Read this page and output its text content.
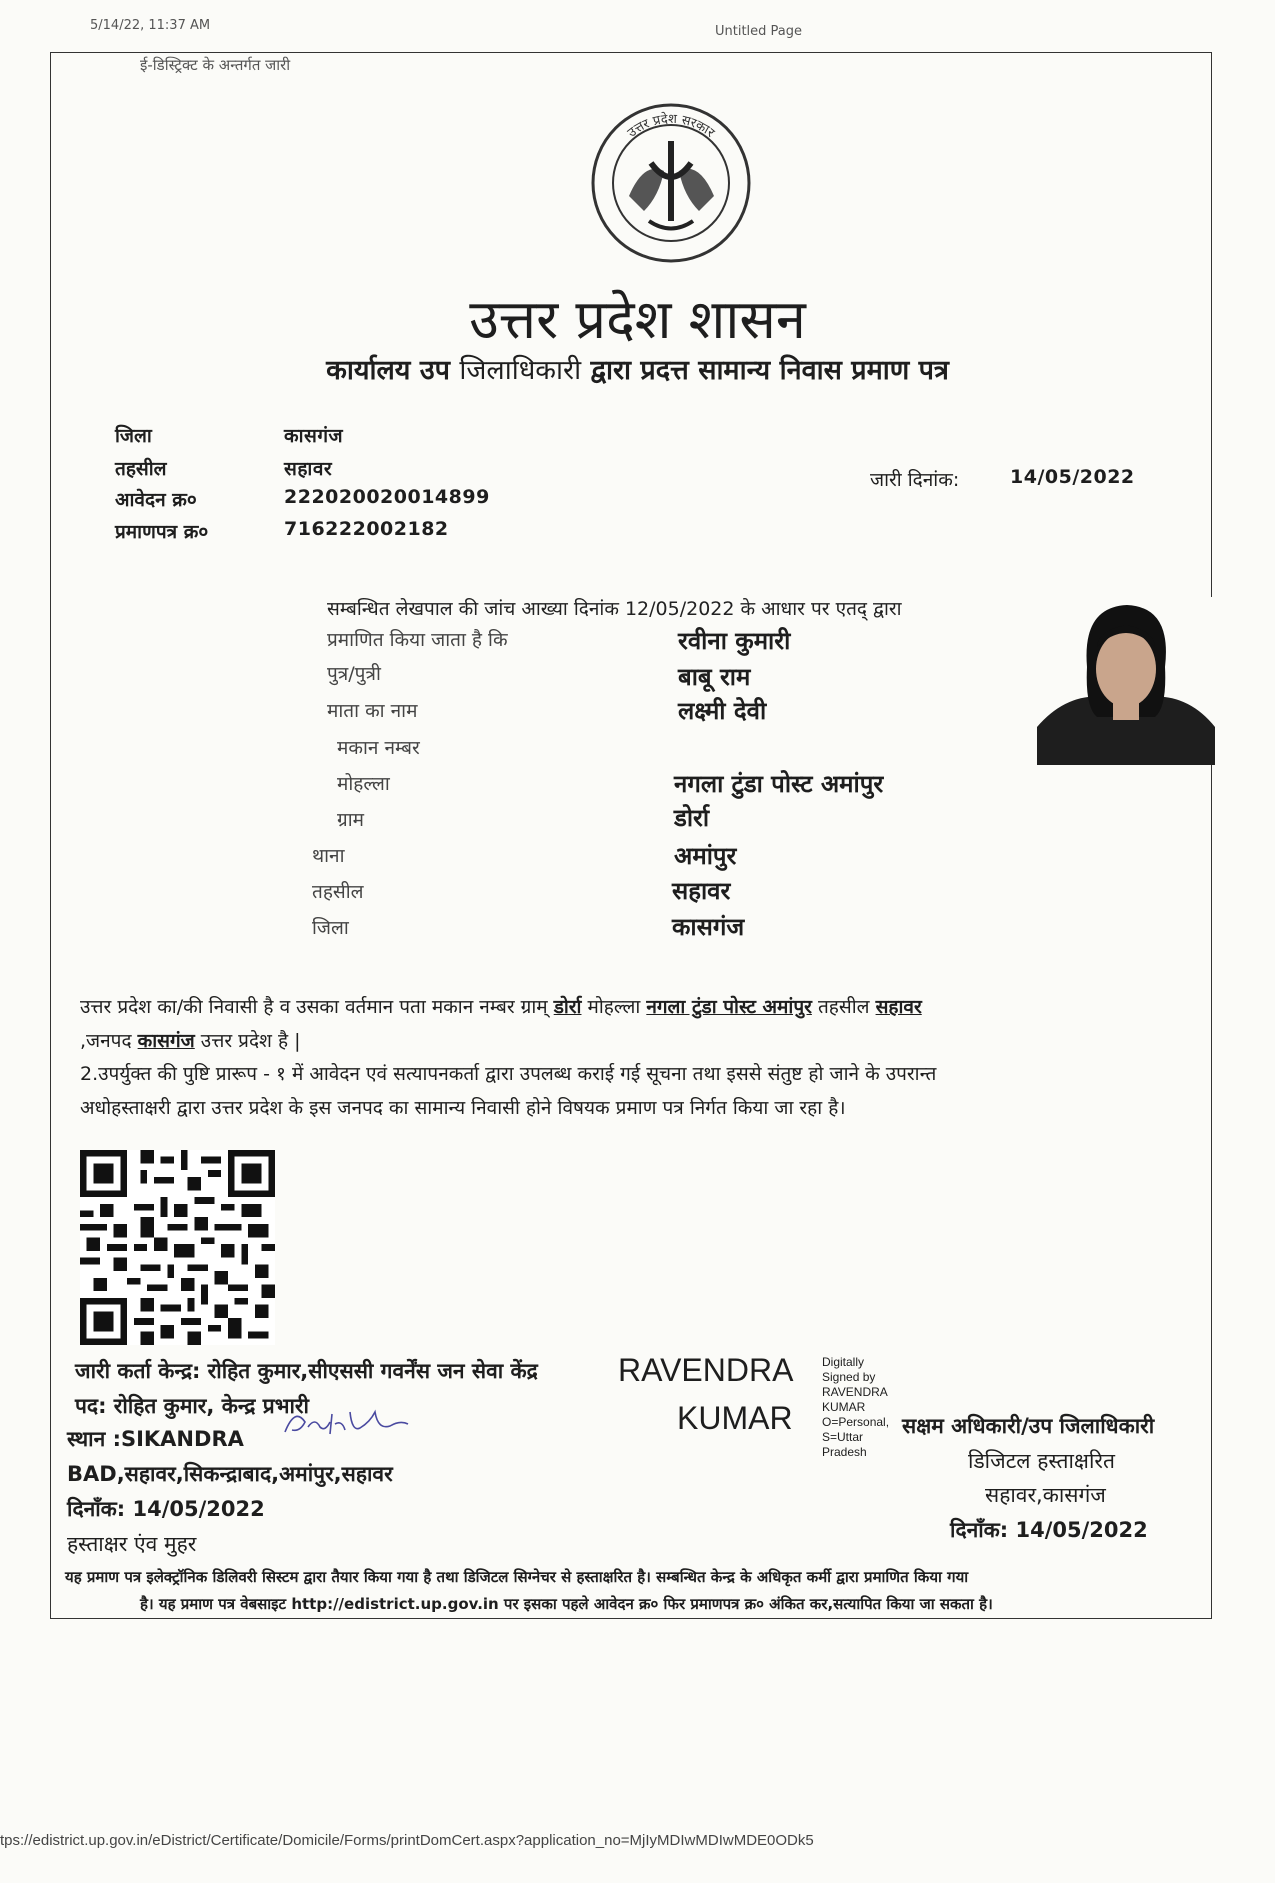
5/14/22, 11:37 AM	Untitled Page
ई-डिस्ट्रिक्ट के अन्तर्गत जारी
उत्तर प्रदेश सरकार
उत्तर प्रदेश शासन
कार्यालय उप जिलाधिकारी द्वारा प्रदत्त सामान्य निवास प्रमाण पत्र
जिला	कासगंज
तहसील	सहावर
आवेदन क्र०	222020020014899
प्रमाणपत्र क्र०	716222002182
जारी दिनांक:	14/05/2022
सम्बन्धित लेखपाल की जांच आख्या दिनांक 12/05/2022 के आधार पर एतद् द्वारा
प्रमाणित किया जाता है कि	रवीना कुमारी
पुत्र/पुत्री	बाबू राम
माता का नाम	लक्ष्मी देवी
मकान नम्बर
मोहल्ला	नगला टुंडा पोस्ट अमांपुर
ग्राम	डोर्रा
थाना	अमांपुर
तहसील	सहावर
जिला	कासगंज
उत्तर प्रदेश का/की निवासी है व उसका वर्तमान पता मकान नम्बर ग्राम् डोर्रा मोहल्ला नगला टुंडा पोस्ट अमांपुर तहसील सहावर
,जनपद कासगंज उत्तर प्रदेश है |
2.उपर्युक्त की पुष्टि प्रारूप - १ में आवेदन एवं सत्यापनकर्ता द्वारा उपलब्ध कराई गई सूचना तथा इससे संतुष्ट हो जाने के उपरान्त
अधोहस्ताक्षरी द्वारा उत्तर प्रदेश के इस जनपद का सामान्य निवासी होने विषयक प्रमाण पत्र निर्गत किया जा रहा है।
जारी कर्ता केन्द्र: रोहित कुमार,सीएससी गवर्नेंस जन सेवा केंद्र
पद: रोहित कुमार, केन्द्र प्रभारी
स्थान :SIKANDRA
BAD,सहावर,सिकन्द्राबाद,अमांपुर,सहावर
दिनाँक: 14/05/2022
हस्ताक्षर एंव मुहर
RAVENDRA
KUMAR
Digitally
Signed by
RAVENDRA
KUMAR
O=Personal,
S=Uttar
Pradesh
सक्षम अधिकारी/उप जिलाधिकारी
डिजिटल हस्ताक्षरित
सहावर,कासगंज
दिनाँक: 14/05/2022
यह प्रमाण पत्र इलेक्ट्रॉनिक डिलिवरी सिस्टम द्वारा तैयार किया गया है तथा डिजिटल सिग्नेचर से हस्ताक्षरित है। सम्बन्धित केन्द्र के अधिकृत कर्मी द्वारा प्रमाणित किया गया
है। यह प्रमाण पत्र वेबसाइट http://edistrict.up.gov.in पर इसका पहले आवेदन क्र० फिर प्रमाणपत्र क्र० अंकित कर,सत्यापित किया जा सकता है।
tps://edistrict.up.gov.in/eDistrict/Certificate/Domicile/Forms/printDomCert.aspx?application_no=MjIyMDIwMDIwMDE0ODk5
